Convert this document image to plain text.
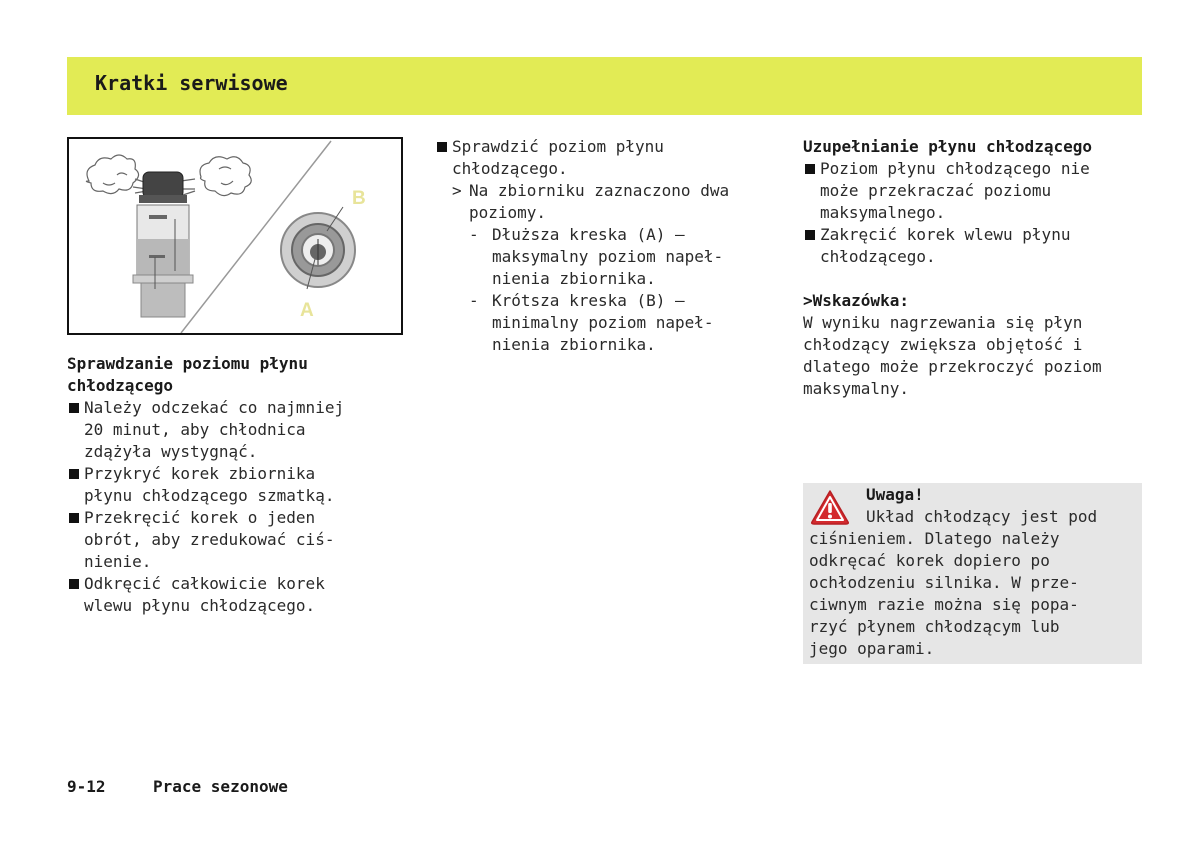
Kratki serwisowe
B
A

Sprawdzanie poziomu płynu
chłodzącego

Należy odczekać co najmniej
20 minut, aby chłodnica
zdążyła wystygnąć.

Przykryć korek zbiornika
płynu chłodzącego szmatką.

Przekręcić korek o jeden
obrót, aby zredukować ciś-
nienie.

Odkręcić całkowicie korek
wlewu płynu chłodzącego.

Sprawdzić poziom płynu
chłodzącego.

> Na zbiorniku zaznaczono dwa
poziomy.

- Dłuższa kreska (A) —
maksymalny poziom napeł-
nienia zbiornika.

- Krótsza kreska (B) —
minimalny poziom napeł-
nienia zbiornika.

Uzupełnianie płynu chłodzącego

Poziom płynu chłodzącego nie
może przekraczać poziomu
maksymalnego.

Zakręcić korek wlewu płynu
chłodzącego.

>Wskazówka:

W wyniku nagrzewania się płyn
chłodzący zwiększa objętość i
dlatego może przekroczyć poziom
maksymalny.

Uwaga!
Układ chłodzący jest pod
ciśnieniem. Dlatego należy
odkręcać korek dopiero po
ochłodzeniu silnika. W prze-
ciwnym razie można się popa-
rzyć płynem chłodzącym lub
jego oparami.
9-12	Prace sezonowe
